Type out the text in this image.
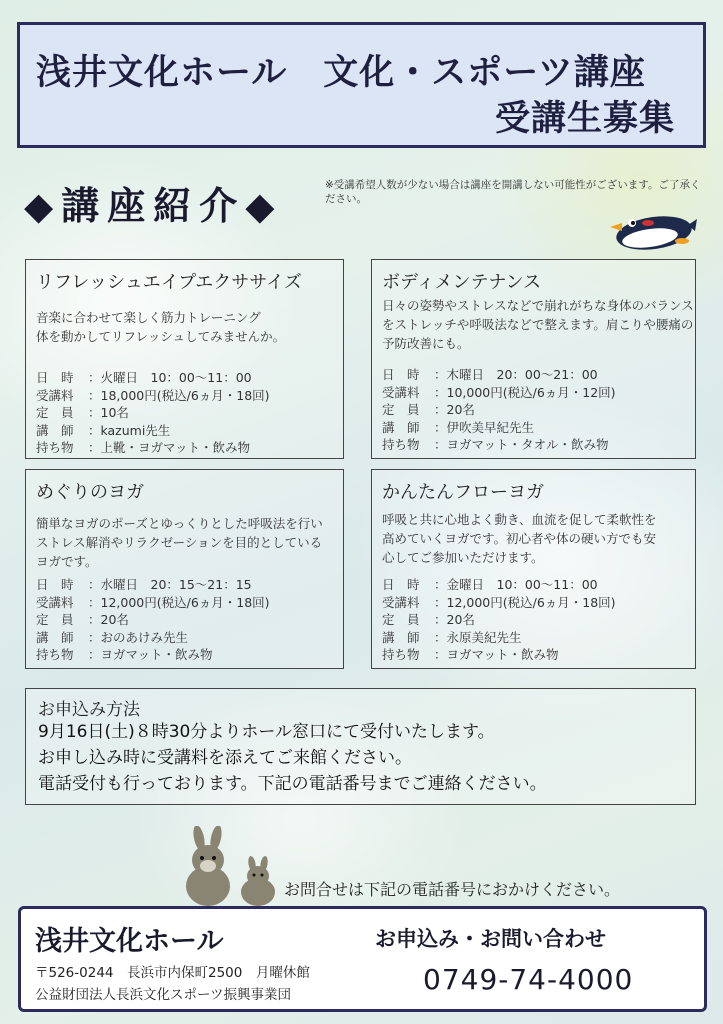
浅井文化ホール　文化・スポーツ講座
受講生募集
◆講座紹介◆	※受講希望人数が少ない場合は講座を開講しない可能性がございます。ご了承ください。
リフレッシュエイプエクササイズ
音楽に合わせて楽しく筋力トレーニング
体を動かしてリフレッシュしてみませんか。
日　時 ：火曜日　10：00～11：00
受講料 ：18,000円(税込/6ヵ月・18回)
定　員 ：10名
講　師 ：kazumi先生
持ち物 ：上靴・ヨガマット・飲み物
ボディメンテナンス
日々の姿勢やストレスなどで崩れがちな身体のバランス
をストレッチや呼吸法などで整えます。肩こりや腰痛の
予防改善にも。
日　時 ：木曜日　20：00～21：00
受講料 ：10,000円(税込/6ヵ月・12回)
定　員 ：20名
講　師 ：伊吹美早紀先生
持ち物 ：ヨガマット・タオル・飲み物
めぐりのヨガ
簡単なヨガのポーズとゆっくりとした呼吸法を行い
ストレス解消やリラクゼーションを目的としている
ヨガです。
日　時 ：水曜日　20：15～21：15
受講料 ：12,000円(税込/6ヵ月・18回)
定　員 ：20名
講　師 ：おのあけみ先生
持ち物 ：ヨガマット・飲み物
かんたんフローヨガ
呼吸と共に心地よく動き、血流を促して柔軟性を
高めていくヨガです。初心者や体の硬い方でも安
心してご参加いただけます。
日　時 ：金曜日　10：00～11：00
受講料 ：12,000円(税込/6ヵ月・18回)
定　員 ：20名
講　師 ：永原美紀先生
持ち物 ：ヨガマット・飲み物
お申込み方法
9月16日(土)８時30分よりホール窓口にて受付いたします。
お申し込み時に受講料を添えてご来館ください。
電話受付も行っております。下記の電話番号までご連絡ください。
お問合せは下記の電話番号におかけください。
浅井文化ホール
〒526-0244　長浜市内保町2500　月曜休館
公益財団法人長浜文化スポーツ振興事業団
お申込み・お問い合わせ
0749-74-4000
